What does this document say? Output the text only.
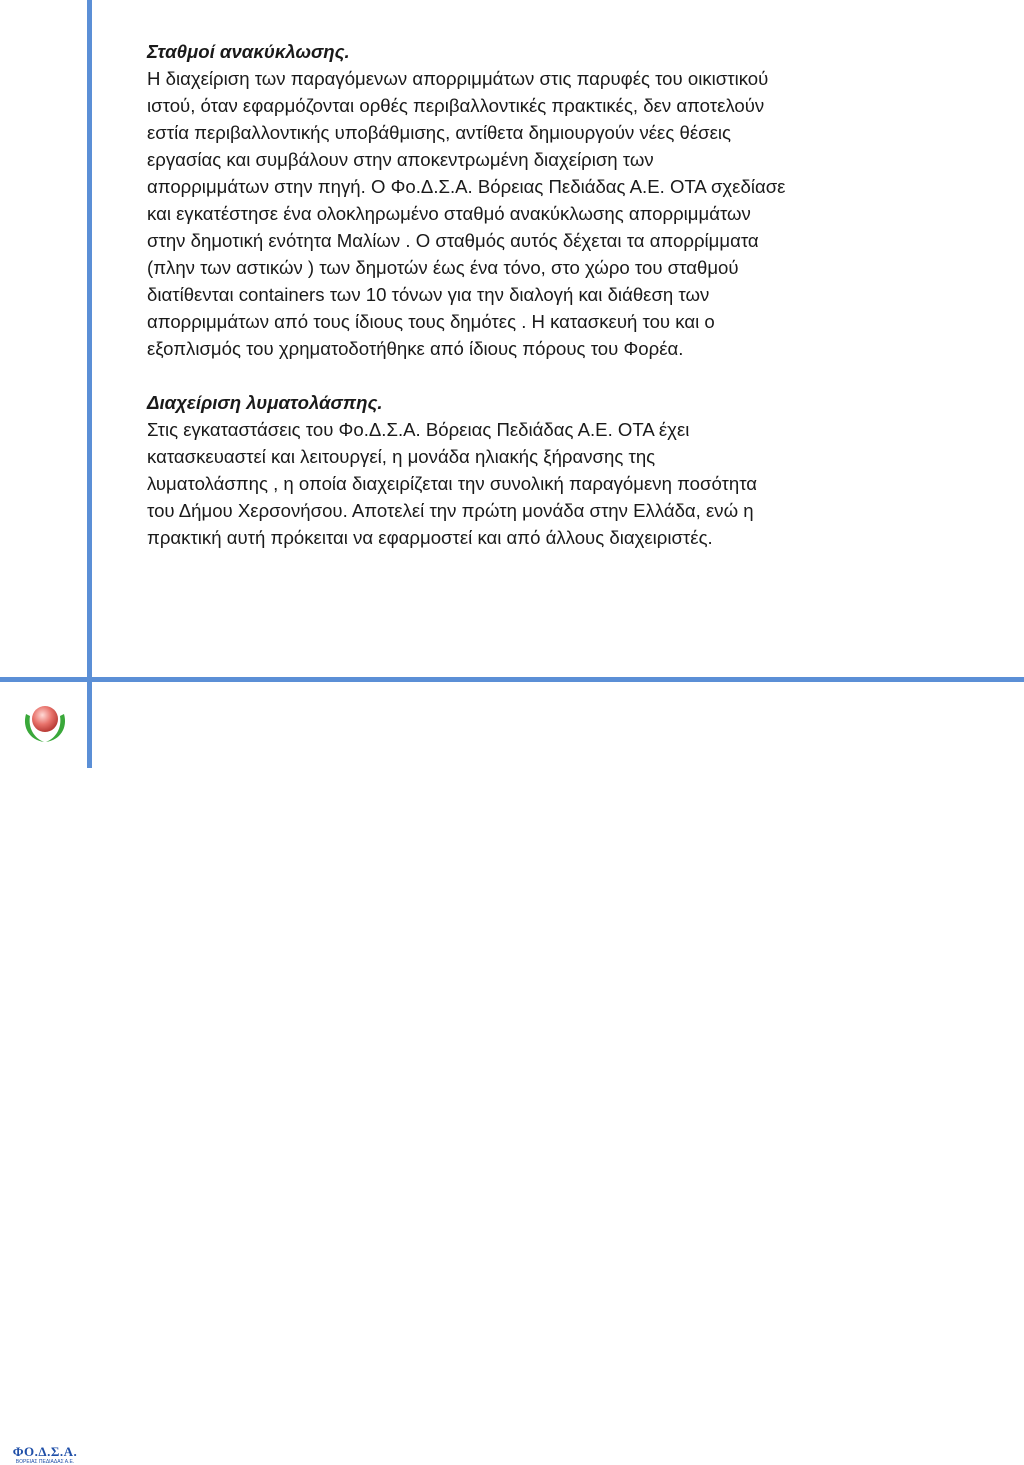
Σταθμοί ανακύκλωσης.

Η διαχείριση των παραγόμενων απορριμμάτων στις παρυφές του οικιστικού
ιστού, όταν εφαρμόζονται ορθές περιβαλλοντικές πρακτικές, δεν αποτελούν
εστία περιβαλλοντικής υποβάθμισης, αντίθετα δημιουργούν νέες θέσεις
εργασίας και συμβάλουν στην αποκεντρωμένη διαχείριση των
απορριμμάτων στην πηγή. Ο Φο.Δ.Σ.Α. Βόρειας Πεδιάδας Α.Ε. ΟΤΑ σχεδίασε
και εγκατέστησε ένα ολοκληρωμένο σταθμό ανακύκλωσης απορριμμάτων
στην δημοτική ενότητα Μαλίων . Ο σταθμός αυτός δέχεται τα απορρίμματα
(πλην των αστικών ) των δημοτών έως ένα τόνο, στο χώρο του σταθμού
διατίθενται containers των 10 τόνων για την διαλογή και διάθεση των
απορριμμάτων από τους ίδιους τους δημότες . Η κατασκευή του και ο
εξοπλισμός του χρηματοδοτήθηκε από ίδιους πόρους του Φορέα.

Διαχείριση λυματολάσπης.

Στις εγκαταστάσεις του Φο.Δ.Σ.Α. Βόρειας Πεδιάδας Α.Ε. ΟΤΑ έχει
κατασκευαστεί και λειτουργεί, η μονάδα ηλιακής ξήρανσης της
λυματολάσπης , η οποία διαχειρίζεται την συνολική παραγόμενη ποσότητα
του Δήμου Χερσονήσου. Αποτελεί την πρώτη μονάδα στην Ελλάδα, ενώ η
πρακτική αυτή πρόκειται να εφαρμοστεί και από άλλους διαχειριστές.

ΦΟ.Δ.Σ.Α.
ΒΟΡΕΙΑΣ ΠΕΔΙΑΔΑΣ Α.Ε.
